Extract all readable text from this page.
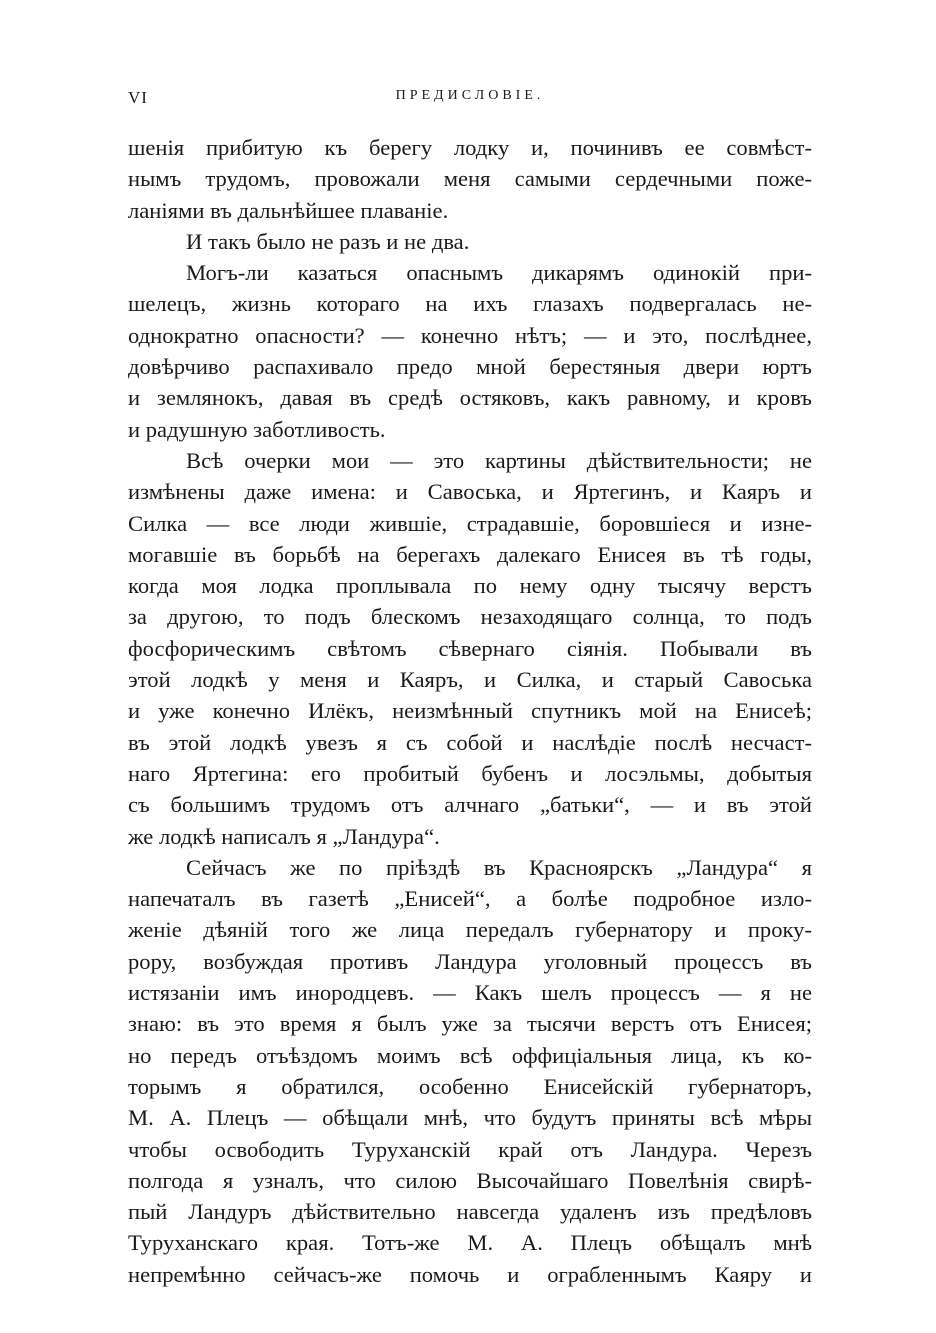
VI	ПРЕДИСЛОВІЕ.
шенія прибитую къ берегу лодку и, починивъ ее совмѣст-
нымъ трудомъ, провожали меня самыми сердечными поже-
ланіями въ дальнѣйшее плаваніе.
И такъ было не разъ и не два.
Могъ-ли казаться опаснымъ дикарямъ одинокій при-
шелецъ, жизнь котораго на ихъ глазахъ подвергалась не-
однократно опасности? — конечно нѣтъ; — и это, послѣднее,
довѣрчиво распахивало предо мной берестяныя двери юртъ
и землянокъ, давая въ средѣ остяковъ, какъ равному, и кровъ
и радушную заботливость.
Всѣ очерки мои — это картины дѣйствительности; не
измѣнены даже имена: и Савоська, и Яртегинъ, и Каяръ и
Силка — все люди жившіе, страдавшіе, боровшіеся и изне-
могавшіе въ борьбѣ на берегахъ далекаго Енисея въ тѣ годы,
когда моя лодка проплывала по нему одну тысячу верстъ
за другою, то подъ блескомъ незаходящаго солнца, то подъ
фосфорическимъ свѣтомъ сѣвернаго сіянія. Побывали въ
этой лодкѣ у меня и Каяръ, и Силка, и старый Савоська
и уже конечно Илёкъ, неизмѣнный спутникъ мой на Енисеѣ;
въ этой лодкѣ увезъ я съ собой и наслѣдіе послѣ несчаст-
наго Яртегина: его пробитый бубенъ и лосэльмы, добытыя
съ большимъ трудомъ отъ алчнаго „батьки“, — и въ этой
же лодкѣ написалъ я „Ландура“.
Сейчасъ же по пріѣздѣ въ Красноярскъ „Ландура“ я
напечаталъ въ газетѣ „Енисей“, а болѣе подробное изло-
женіе дѣяній того же лица передалъ губернатору и проку-
рору, возбуждая противъ Ландура уголовный процессъ въ
истязаніи имъ инородцевъ. — Какъ шелъ процессъ — я не
знаю: въ это время я былъ уже за тысячи верстъ отъ Енисея;
но передъ отъѣздомъ моимъ всѣ оффиціальныя лица, къ ко-
торымъ я обратился, особенно Енисейскій губернаторъ,
М. А. Плецъ — обѣщали мнѣ, что будутъ приняты всѣ мѣры
чтобы освободить Туруханскій край отъ Ландура. Черезъ
полгода я узналъ, что силою Высочайшаго Повелѣнія свирѣ-
пый Ландуръ дѣйствительно навсегда удаленъ изъ предѣловъ
Туруханскаго края. Тотъ-же М. А. Плецъ обѣщалъ мнѣ
непремѣнно сейчасъ-же помочь и ограбленнымъ Каяру и
